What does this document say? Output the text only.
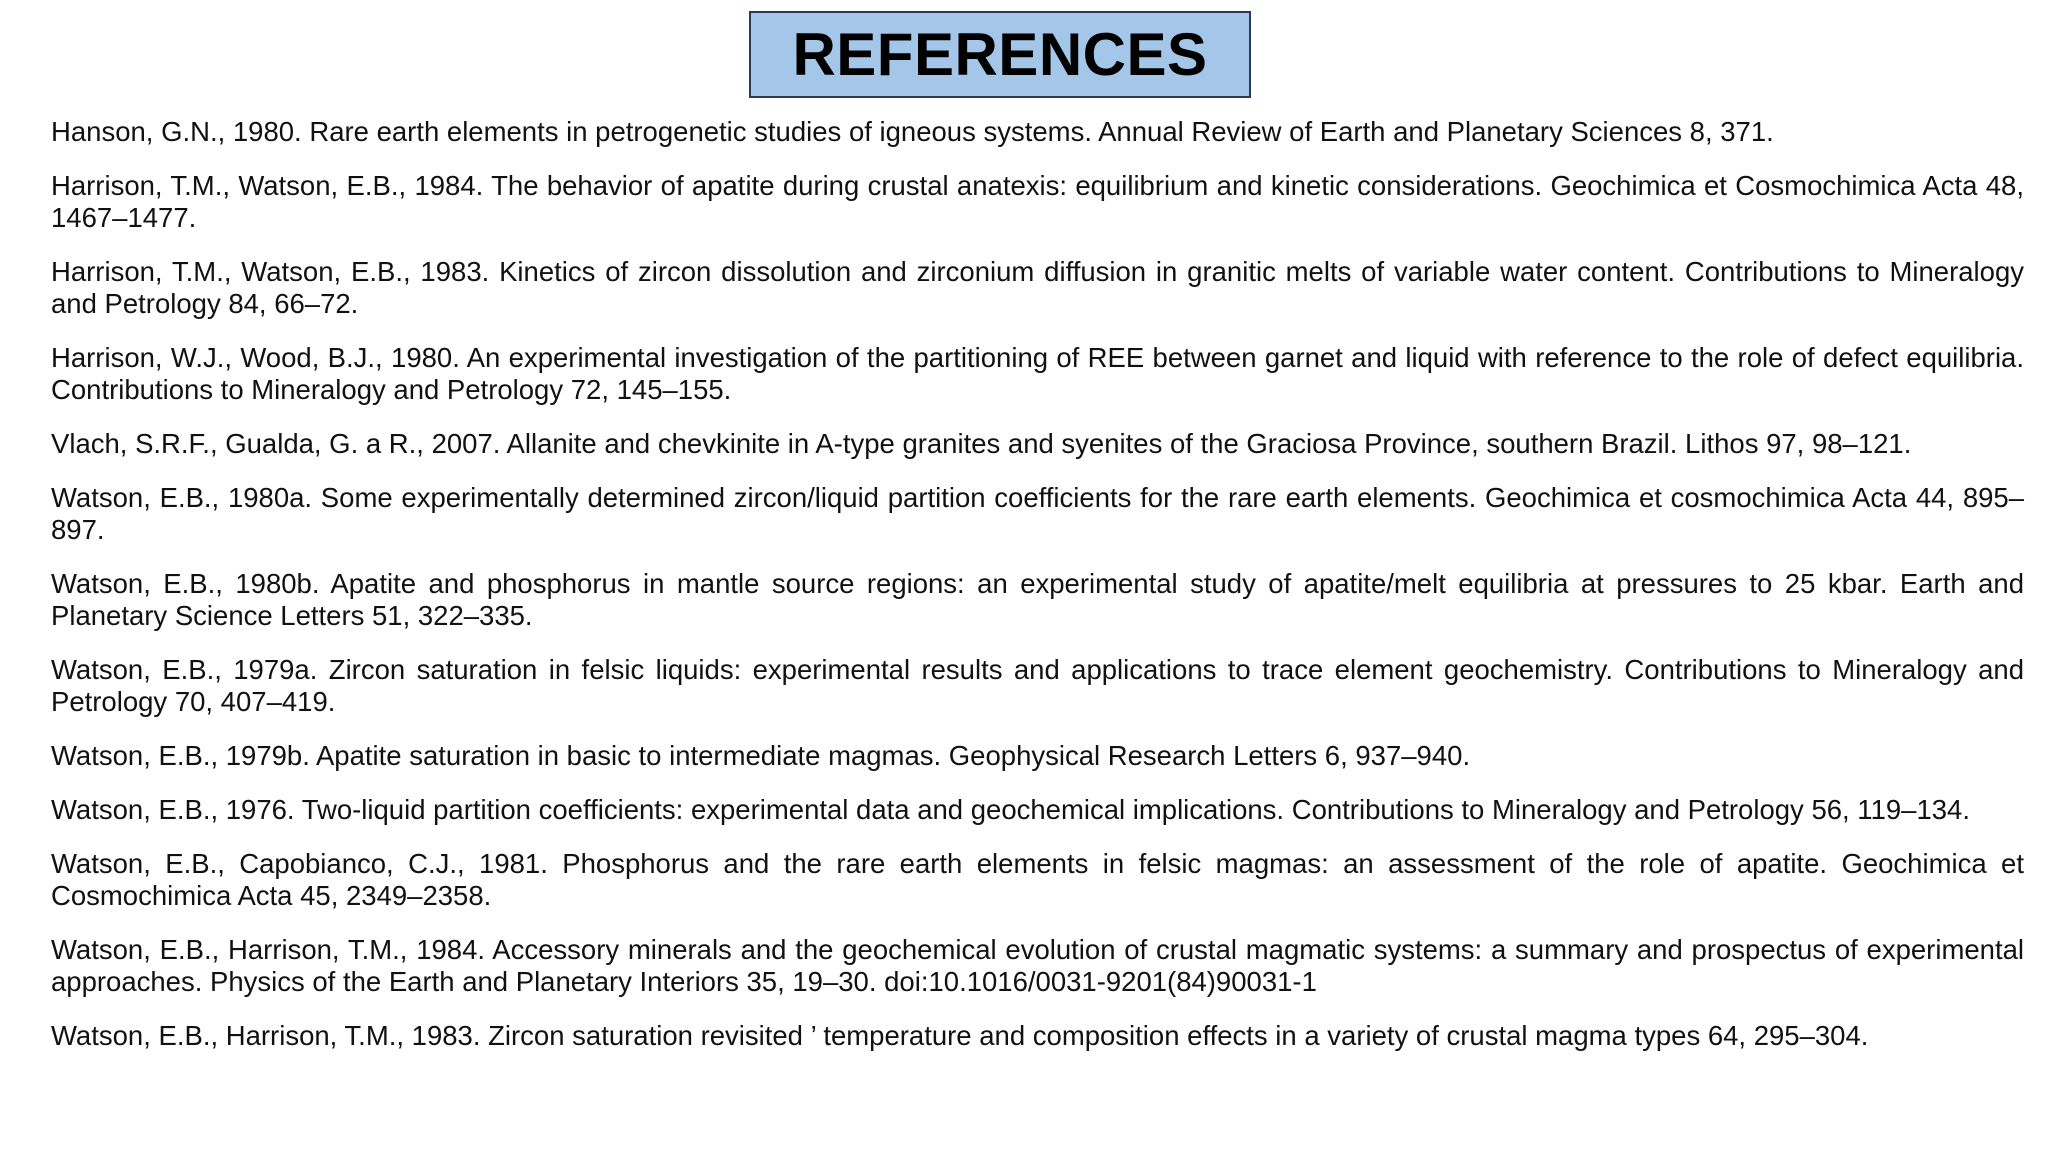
REFERENCES
Hanson, G.N., 1980. Rare earth elements in petrogenetic studies of igneous systems. Annual Review of Earth and Planetary Sciences 8, 371.
Harrison, T.M., Watson, E.B., 1984. The behavior of apatite during crustal anatexis: equilibrium and kinetic considerations. Geochimica et Cosmochimica Acta 48, 1467–1477.
Harrison, T.M., Watson, E.B., 1983. Kinetics of zircon dissolution and zirconium diffusion in granitic melts of variable water content. Contributions to Mineralogy and Petrology 84, 66–72.
Harrison, W.J., Wood, B.J., 1980. An experimental investigation of the partitioning of REE between garnet and liquid with reference to the role of defect equilibria. Contributions to Mineralogy and Petrology 72, 145–155.
Vlach, S.R.F., Gualda, G. a R., 2007. Allanite and chevkinite in A-type granites and syenites of the Graciosa Province, southern Brazil. Lithos 97, 98–121.
Watson, E.B., 1980a. Some experimentally determined zircon/liquid partition coefficients for the rare earth elements. Geochimica et cosmochimica Acta 44, 895–897.
Watson, E.B., 1980b. Apatite and phosphorus in mantle source regions: an experimental study of apatite/melt equilibria at pressures to 25 kbar. Earth and Planetary Science Letters 51, 322–335.
Watson, E.B., 1979a. Zircon saturation in felsic liquids: experimental results and applications to trace element geochemistry. Contributions to Mineralogy and Petrology 70, 407–419.
Watson, E.B., 1979b. Apatite saturation in basic to intermediate magmas. Geophysical Research Letters 6, 937–940.
Watson, E.B., 1976. Two-liquid partition coefficients: experimental data and geochemical implications. Contributions to Mineralogy and Petrology 56, 119–134.
Watson, E.B., Capobianco, C.J., 1981. Phosphorus and the rare earth elements in felsic magmas: an assessment of the role of apatite. Geochimica et Cosmochimica Acta 45, 2349–2358.
Watson, E.B., Harrison, T.M., 1984. Accessory minerals and the geochemical evolution of crustal magmatic systems: a summary and prospectus of experimental approaches. Physics of the Earth and Planetary Interiors 35, 19–30. doi:10.1016/0031-9201(84)90031-1
Watson, E.B., Harrison, T.M., 1983. Zircon saturation revisited ’ temperature and composition effects in a variety of crustal magma types 64, 295–304.
